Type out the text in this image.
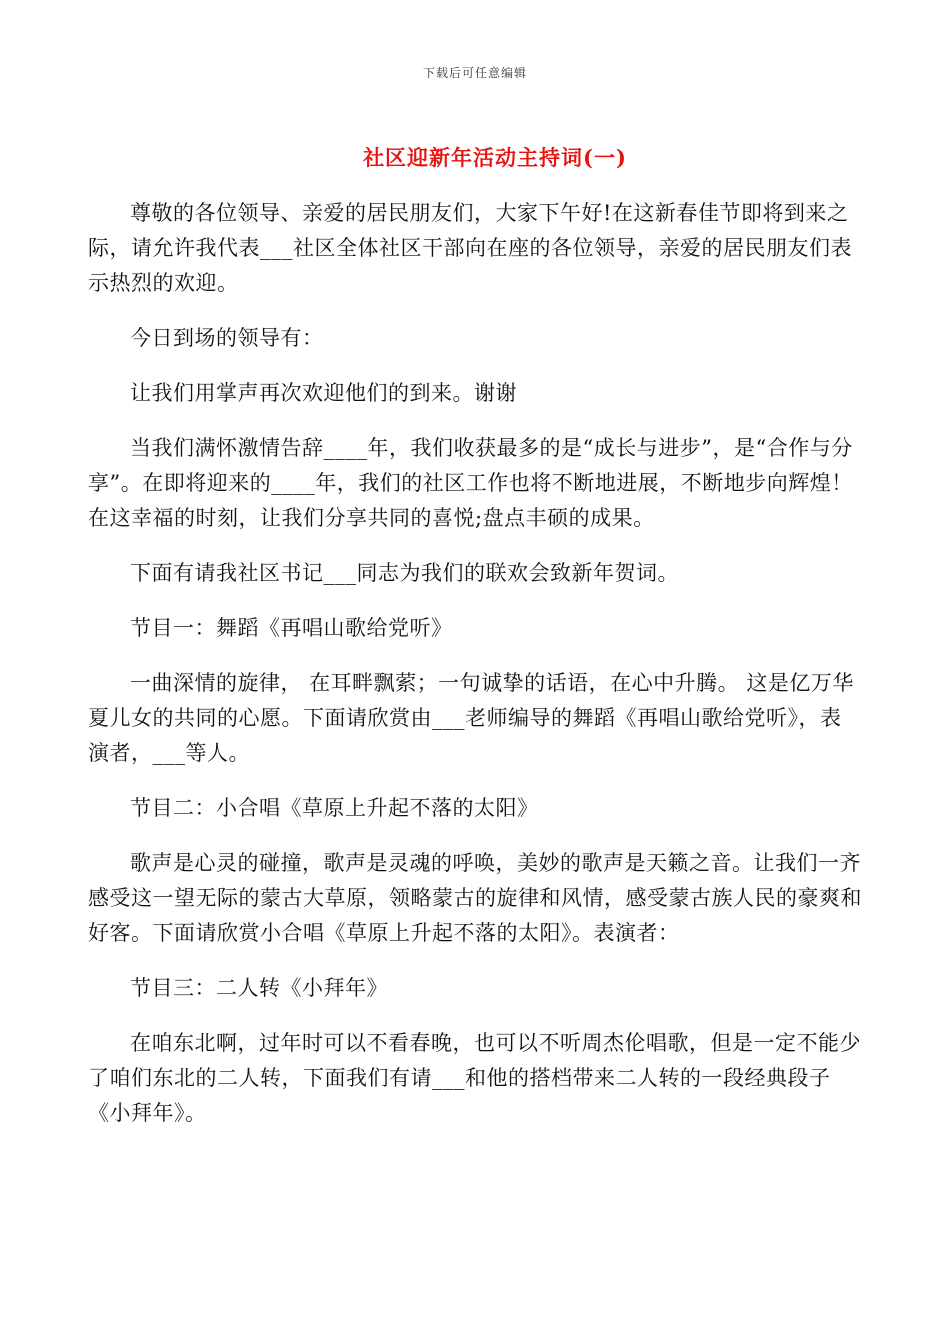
下载后可任意编辑
社区迎新年活动主持词(一)

尊敬的各位领导、亲爱的居民朋友们，大家下午好!在这新春佳节即将到来之际，请允许我代表___社区全体社区干部向在座的各位领导，亲爱的居民朋友们表示热烈的欢迎。

今日到场的领导有：

让我们用掌声再次欢迎他们的到来。谢谢

当我们满怀激情告辞____年，我们收获最多的是“成长与进步”，是“合作与分享”。在即将迎来的____年，我们的社区工作也将不断地进展，不断地步向辉煌！在这幸福的时刻，让我们分享共同的喜悦;盘点丰硕的成果。

下面有请我社区书记___同志为我们的联欢会致新年贺词。

节目一：舞蹈《再唱山歌给党听》

一曲深情的旋律， 在耳畔飘萦；一句诚挚的话语，在心中升腾。 这是亿万华夏儿女的共同的心愿。下面请欣赏由___老师编导的舞蹈《再唱山歌给党听》，表演者，___等人。

节目二：小合唱《草原上升起不落的太阳》

歌声是心灵的碰撞，歌声是灵魂的呼唤，美妙的歌声是天籁之音。让我们一齐感受这一望无际的蒙古大草原，领略蒙古的旋律和风情，感受蒙古族人民的豪爽和好客。下面请欣赏小合唱《草原上升起不落的太阳》。表演者：

节目三：二人转《小拜年》

在咱东北啊，过年时可以不看春晚，也可以不听周杰伦唱歌，但是一定不能少了咱们东北的二人转，下面我们有请___和他的搭档带来二人转的一段经典段子《小拜年》。
